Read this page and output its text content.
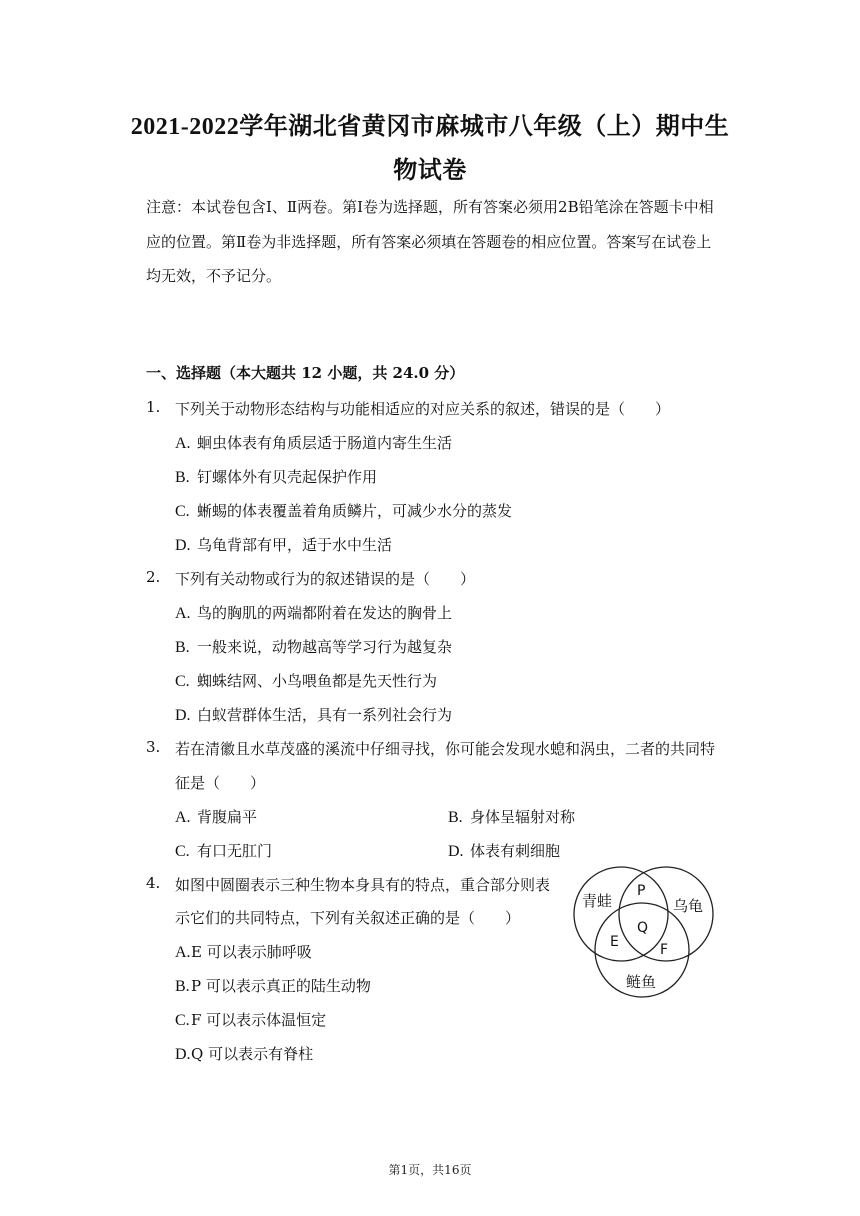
2021-2022学年湖北省黄冈市麻城市八年级（上）期中生
物试卷
注意：本试卷包含Ⅰ、Ⅱ两卷。第Ⅰ卷为选择题，所有答案必须用2B铅笔涂在答题卡中相应的位置。第Ⅱ卷为非选择题，所有答案必须填在答题卷的相应位置。答案写在试卷上均无效，不予记分。
一、选择题（本大题共 12 小题，共 24.0 分）
1. 下列关于动物形态结构与功能相适应的对应关系的叙述，错误的是（　　）
A. 蛔虫体表有角质层适于肠道内寄生生活
B. 钉螺体外有贝壳起保护作用
C. 蜥蜴的体表覆盖着角质鳞片，可减少水分的蒸发
D. 乌龟背部有甲，适于水中生活
2. 下列有关动物或行为的叙述错误的是（　　）
A. 鸟的胸肌的两端都附着在发达的胸骨上
B. 一般来说，动物越高等学习行为越复杂
C. 蜘蛛结网、小鸟喂鱼都是先天性行为
D. 白蚁营群体生活，具有一系列社会行为
3. 若在清徽且水草茂盛的溪流中仔细寻找，你可能会发现水螅和涡虫，二者的共同特
征是（　　）
A. 背腹扁平	B. 身体呈辐射对称
C. 有口无肛门	D. 体表有刺细胞
4. 如图中圆圈表示三种生物本身具有的特点，重合部分则表
示它们的共同特点，下列有关叙述正确的是（　　）
A.E 可以表示肺呼吸
B.P 可以表示真正的陆生动物
C.F 可以表示体温恒定
D.Q 可以表示有脊柱
青蛙	乌龟
鲢鱼
P
Q
E	F
第1页，共16页
